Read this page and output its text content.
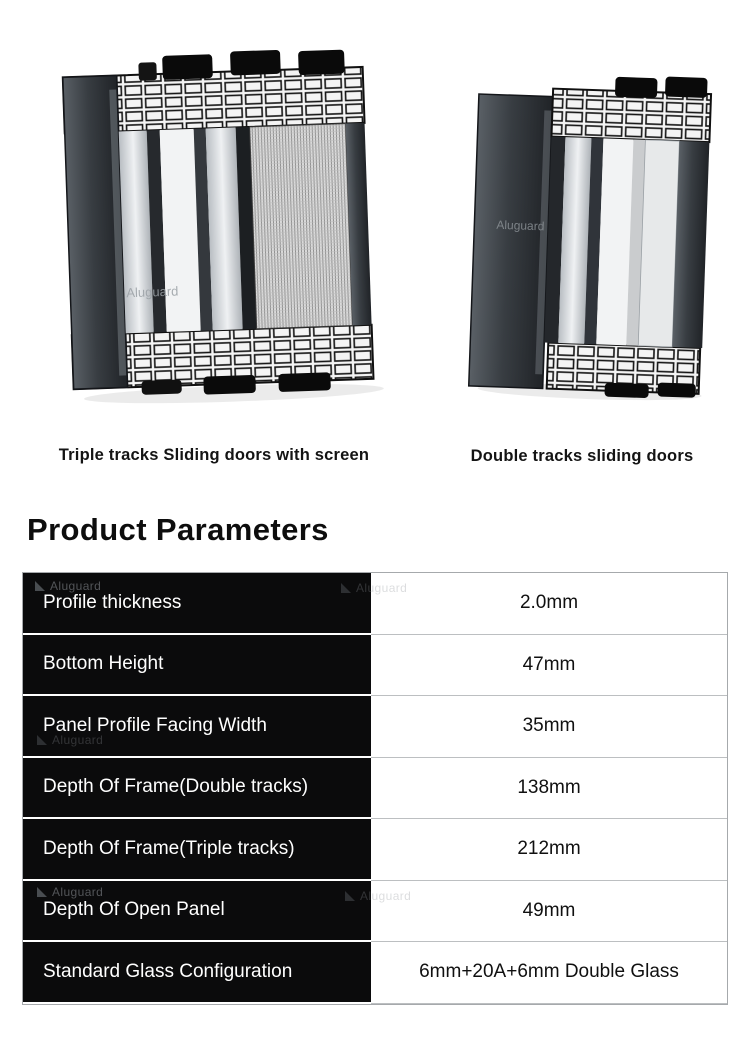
Aluguard
Aluguard
Triple tracks Sliding doors with screen	Double tracks sliding doors
Product Parameters
Profile thickness	2.0mm
Bottom Height	47mm
Panel Profile Facing Width	35mm
Depth Of Frame(Double tracks)	138mm
Depth Of Frame(Triple tracks)	212mm
Depth Of Open Panel	49mm
Standard Glass Configuration	6mm+20A+6mm Double Glass
Aluguard	Aluguard
Aluguard
Aluguard	Aluguard
